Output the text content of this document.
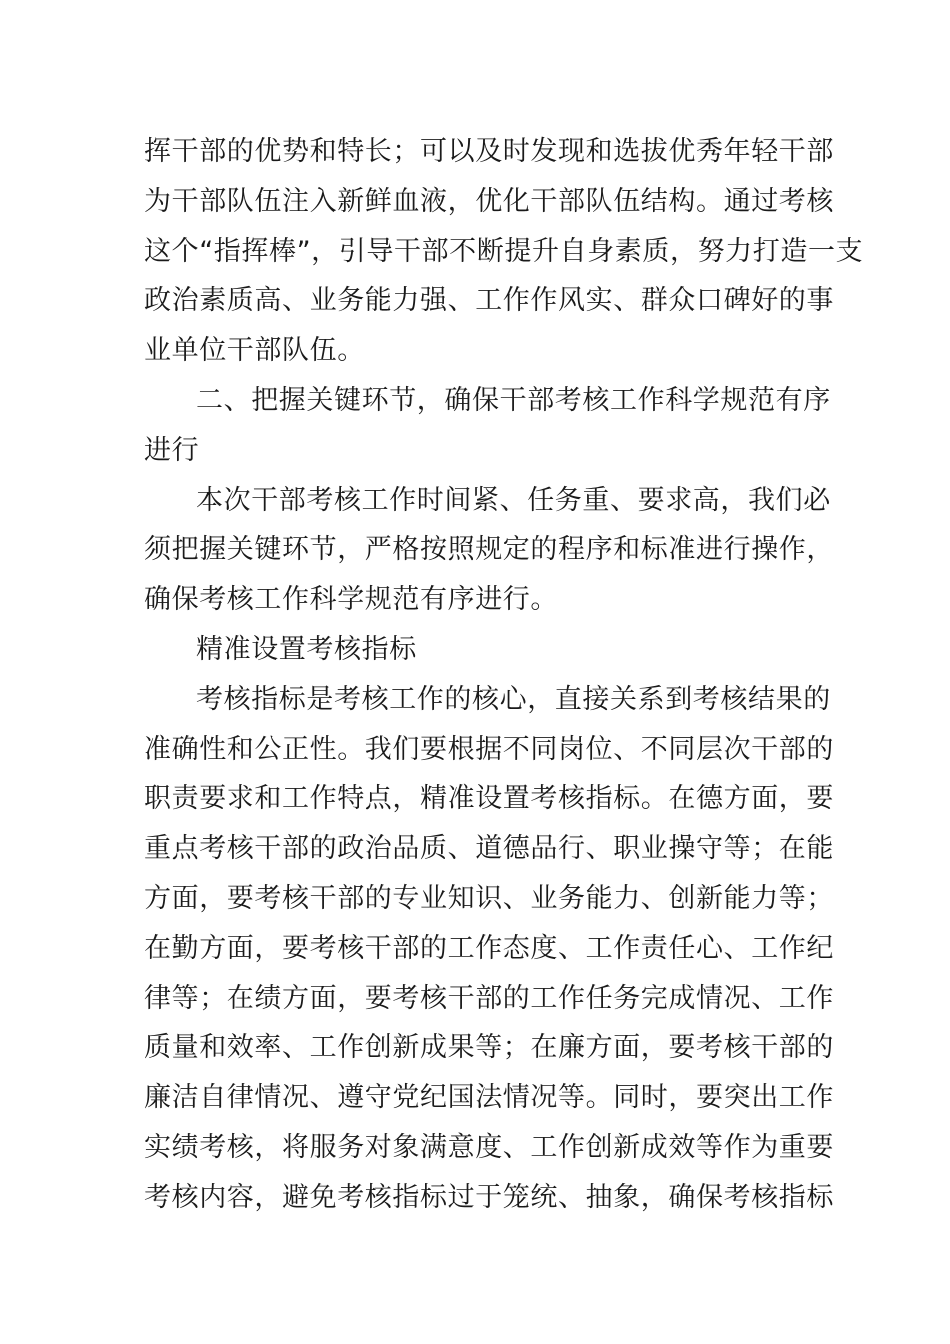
挥干部的优势和特长；可以及时发现和选拔优秀年轻干部
为干部队伍注入新鲜血液，优化干部队伍结构。通过考核
这个“指挥棒”，引导干部不断提升自身素质，努力打造一支
政治素质高、业务能力强、工作作风实、群众口碑好的事
业单位干部队伍。
二、把握关键环节，确保干部考核工作科学规范有序
进行
本次干部考核工作时间紧、任务重、要求高，我们必
须把握关键环节，严格按照规定的程序和标准进行操作，
确保考核工作科学规范有序进行。
精准设置考核指标
考核指标是考核工作的核心，直接关系到考核结果的
准确性和公正性。我们要根据不同岗位、不同层次干部的
职责要求和工作特点，精准设置考核指标。在德方面，要
重点考核干部的政治品质、道德品行、职业操守等；在能
方面，要考核干部的专业知识、业务能力、创新能力等；
在勤方面，要考核干部的工作态度、工作责任心、工作纪
律等；在绩方面，要考核干部的工作任务完成情况、工作
质量和效率、工作创新成果等；在廉方面，要考核干部的
廉洁自律情况、遵守党纪国法情况等。同时，要突出工作
实绩考核，将服务对象满意度、工作创新成效等作为重要
考核内容，避免考核指标过于笼统、抽象，确保考核指标
